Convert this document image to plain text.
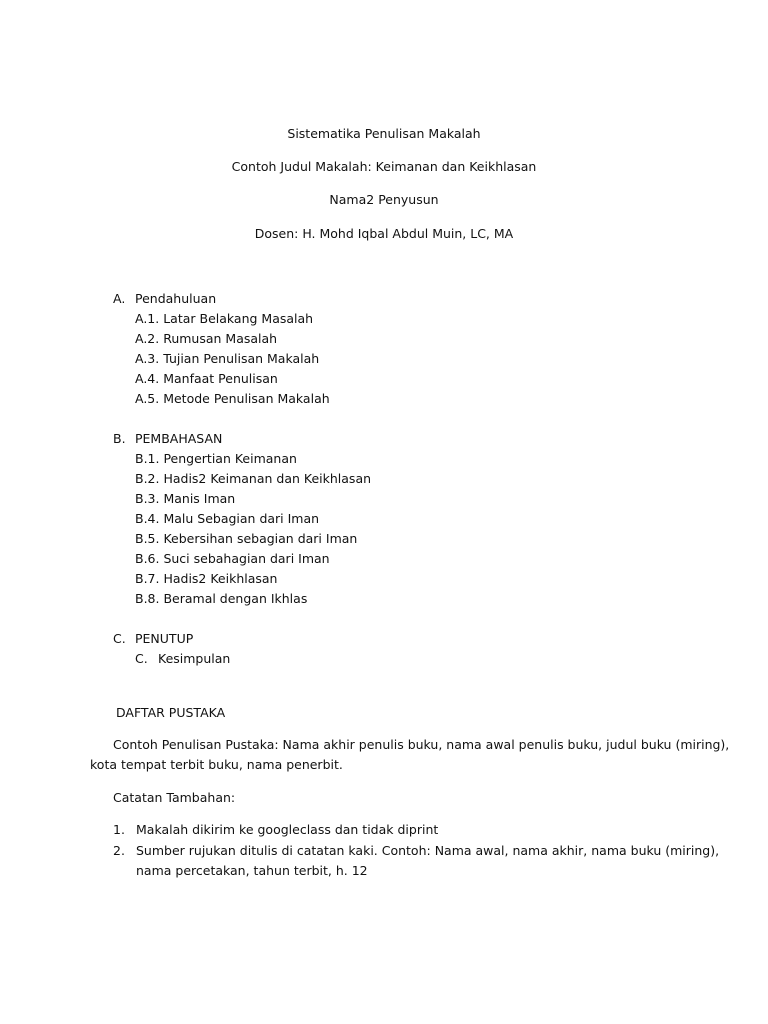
Sistematika Penulisan Makalah
Contoh Judul Makalah: Keimanan dan Keikhlasan
Nama2 Penyusun
Dosen: H. Mohd Iqbal Abdul Muin, LC, MA
A. Pendahuluan
A.1. Latar Belakang Masalah
A.2. Rumusan Masalah
A.3. Tujian Penulisan Makalah
A.4. Manfaat Penulisan
A.5. Metode Penulisan Makalah
B. PEMBAHASAN
B.1. Pengertian Keimanan
B.2. Hadis2 Keimanan dan Keikhlasan
B.3. Manis Iman
B.4. Malu Sebagian dari Iman
B.5. Kebersihan sebagian dari Iman
B.6. Suci sebahagian dari Iman
B.7. Hadis2 Keikhlasan
B.8. Beramal dengan Ikhlas
C. PENUTUP
C. Kesimpulan
DAFTAR PUSTAKA
Contoh Penulisan Pustaka: Nama akhir penulis buku, nama awal penulis buku, judul buku (miring),
kota tempat terbit buku, nama penerbit.
Catatan Tambahan:
1. Makalah dikirim ke googleclass dan tidak diprint
2. Sumber rujukan ditulis di catatan kaki. Contoh: Nama awal, nama akhir, nama buku (miring),
nama percetakan, tahun terbit, h. 12
